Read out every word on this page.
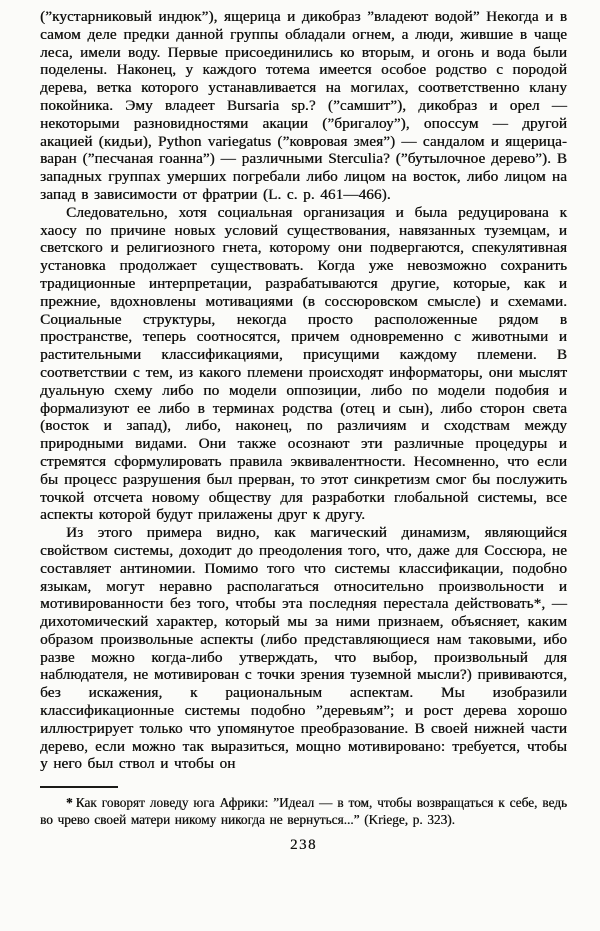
(”кустарниковый индюк”), ящерица и дикобраз ”владеют водой” Некогда и в самом деле предки данной группы обладали огнем, а люди, жившие в чаще леса, имели воду. Первые присоединились ко вторым, и огонь и вода были поделены. Наконец, у каждого тотема имеется особое родство с породой дерева, ветка которого устанавливается на могилах, соответственно клану покойника. Эму владеет Bursaria sp.? (”самшит”), дикобраз и орел — некоторыми разновидностями акации (”бригалоу”), опоссум — другой акацией (кидьи), Python variegatus (”ковровая змея”) — сандалом и ящерица-варан (”песчаная гоанна”) — различными Sterculia? (”бутылочное дерево”). В западных группах умерших погребали либо лицом на восток, либо лицом на запад в зависимости от фратрии (L. c. p. 461—466).

Следовательно, хотя социальная организация и была редуцирована к хаосу по причине новых условий существования, навязанных туземцам, и светского и религиозного гнета, которому они подвергаются, спекулятивная установка продолжает существовать. Когда уже невозможно сохранить традиционные интерпретации, разрабатываются другие, которые, как и прежние, вдохновлены мотивациями (в соссюровском смысле) и схемами. Социальные структуры, некогда просто расположенные рядом в пространстве, теперь соотносятся, причем одновременно с животными и растительными классификациями, присущими каждому племени. В соответствии с тем, из какого племени происходят информаторы, они мыслят дуальную схему либо по модели оппозиции, либо по модели подобия и формализуют ее либо в терминах родства (отец и сын), либо сторон света (восток и запад), либо, наконец, по различиям и сходствам между природными видами. Они также осознают эти различные процедуры и стремятся сформулировать правила эквивалентности. Несомненно, что если бы процесс разрушения был прерван, то этот синкретизм смог бы послужить точкой отсчета новому обществу для разработки глобальной системы, все аспекты которой будут прилажены друг к другу.

Из этого примера видно, как магический динамизм, являющийся свойством системы, доходит до преодоления того, что, даже для Соссюра, не составляет антиномии. Помимо того что системы классификации, подобно языкам, могут неравно располагаться относительно произвольности и мотивированности без того, чтобы эта последняя перестала действовать*, — дихотомический характер, который мы за ними признаем, объясняет, каким образом произвольные аспекты (либо представляющиеся нам таковыми, ибо разве можно когда-либо утверждать, что выбор, произвольный для наблюдателя, не мотивирован с точки зрения туземной мысли?) прививаются, без искажения, к рациональным аспектам. Мы изобразили классификационные системы подобно ”деревьям”; и рост дерева хорошо иллюстрирует только что упомянутое преобразование. В своей нижней части дерево, если можно так выразиться, мощно мотивировано: требуется, чтобы у него был ствол и чтобы он

* Как говорят ловеду юга Африки: ”Идеал — в том, чтобы возвращаться к себе, ведь во чрево своей матери никому никогда не вернуться...” (Kriege, p. 323).

238
